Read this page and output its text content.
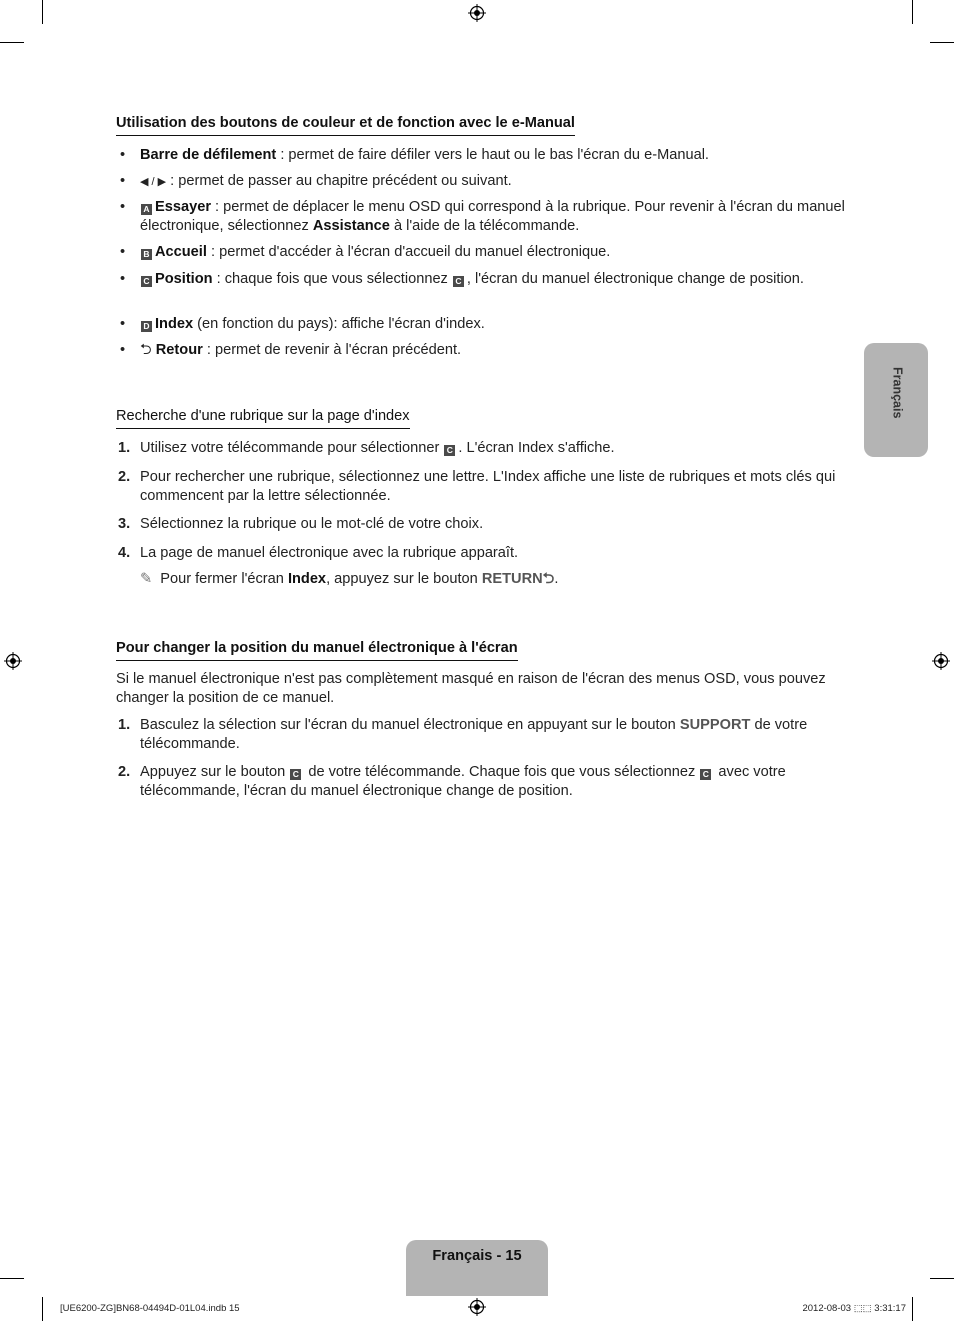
Utilisation des boutons de couleur et de fonction avec le e-Manual
• Barre de défilement : permet de faire défiler vers le haut ou le bas l'écran du e-Manual.
• ◀ / ▶ : permet de passer au chapitre précédent ou suivant.
•	A Essayer : permet de déplacer le menu OSD qui correspond à la rubrique. Pour revenir à l'écran du manuel électronique, sélectionnez Assistance à l'aide de la télécommande.
•	B Accueil : permet d'accéder à l'écran d'accueil du manuel électronique.
•	C Position : chaque fois que vous sélectionnez C , l'écran du manuel électronique change de position.
•	D Index (en fonction du pays): affiche l'écran d'index.
• ⮌ Retour : permet de revenir à l'écran précédent.
Recherche d'une rubrique sur la page d'index
1. Utilisez votre télécommande pour sélectionner C . L'écran Index s'affiche.
2. Pour rechercher une rubrique, sélectionnez une lettre. L'Index affiche une liste de rubriques et mots clés qui commencent par la lettre sélectionnée.
3. Sélectionnez la rubrique ou le mot-clé de votre choix.
4. La page de manuel électronique avec la rubrique apparaît.
✎ Pour fermer l'écran Index, appuyez sur le bouton RETURN⮌.
Pour changer la position du manuel électronique à l'écran
Si le manuel électronique n'est pas complètement masqué en raison de l'écran des menus OSD, vous pouvez changer la position de ce manuel.
1. Basculez la sélection sur l'écran du manuel électronique en appuyant sur le bouton SUPPORT de votre télécommande.
2. Appuyez sur le bouton C de votre télécommande. Chaque fois que vous sélectionnez C avec votre télécommande, l'écran du manuel électronique change de position.
Français
Français - 15
[UE6200-ZG]BN68-04494D-01L04.indb 15	2012-08-03 ⬚⬚ 3:31:17
